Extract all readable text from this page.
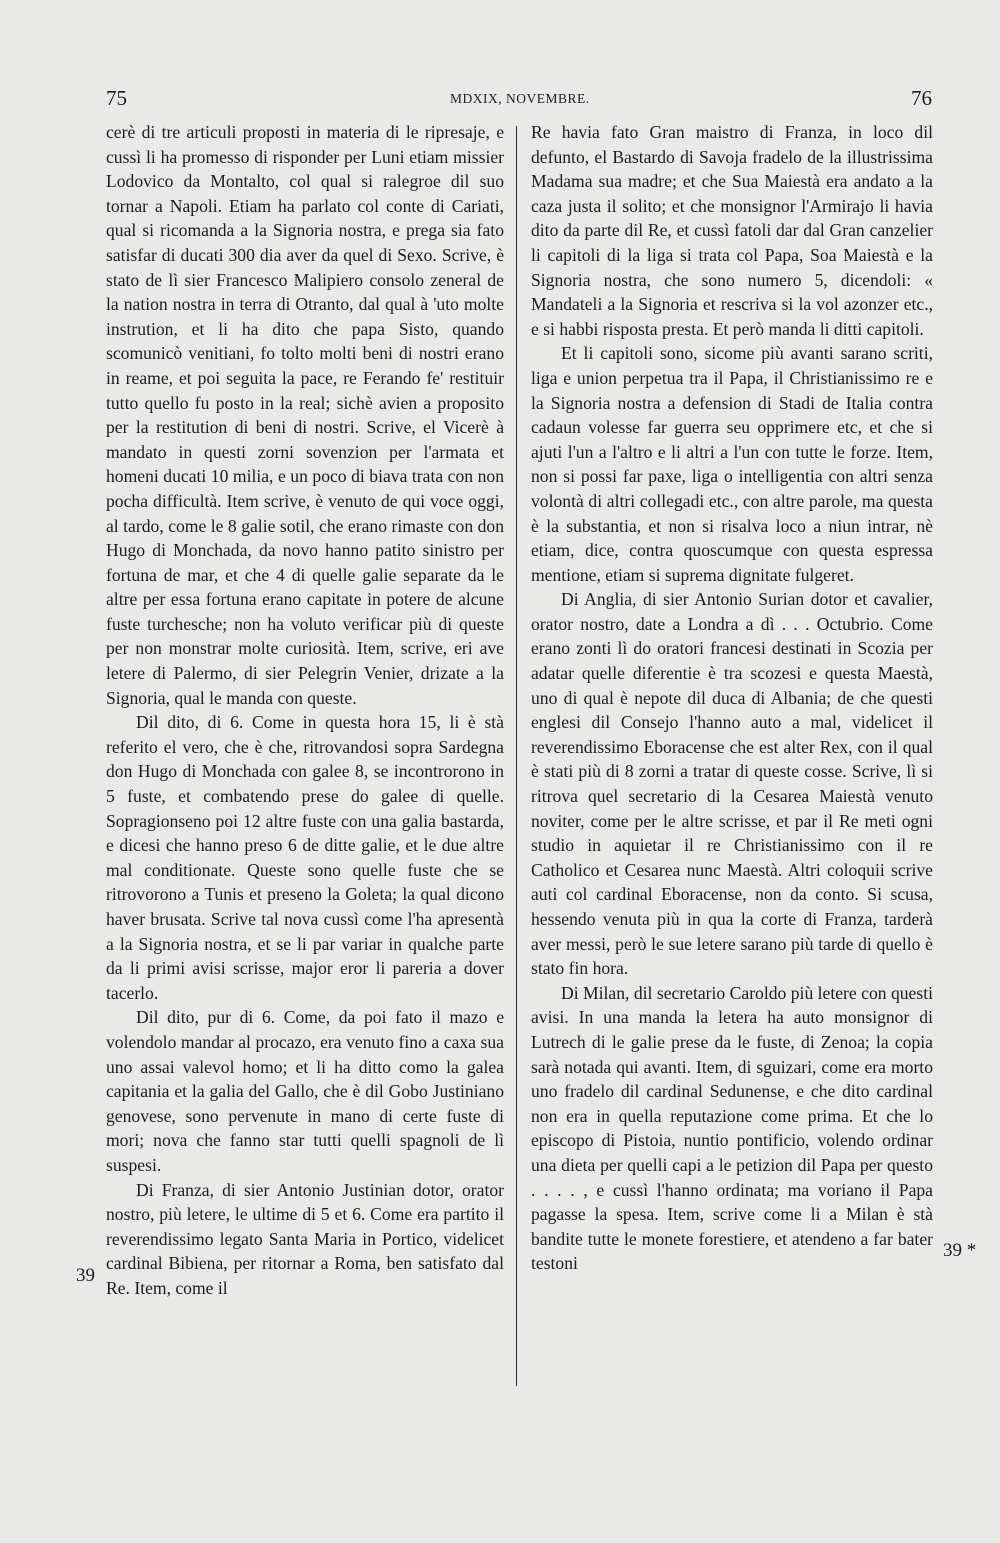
75	MDXIX, NOVEMBRE.	76

cerè di tre articuli proposti in materia di le ripresaje, e cussì li ha promesso di risponder per Luni etiam missier Lodovico da Montalto, col qual si ralegroe dil suo tornar a Napoli. Etiam ha parlato col conte di Cariati, qual si ricomanda a la Signoria nostra, e prega sia fato satisfar di ducati 300 dia aver da quel di Sexo. Scrive, è stato de lì sier Francesco Malipiero consolo zeneral de la nation nostra in terra di Otranto, dal qual à 'uto molte instrution, et li ha dito che papa Sisto, quando scomunicò venitiani, fo tolto molti beni di nostri erano in reame, et poi seguita la pace, re Ferando fe' restituir tutto quello fu posto in la real; sichè avien a proposito per la restitution di beni di nostri. Scrive, el Vicerè à mandato in questi zorni sovenzion per l'armata et homeni ducati 10 milia, e un poco di biava trata con non pocha difficultà. Item scrive, è venuto de qui voce oggi, al tardo, come le 8 galie sotil, che erano rimaste con don Hugo di Monchada, da novo hanno patito sinistro per fortuna de mar, et che 4 di quelle galie separate da le altre per essa fortuna erano capitate in potere de alcune fuste turchesche; non ha voluto verificar più di queste per non monstrar molte curiosità. Item, scrive, eri ave letere di Palermo, di sier Pelegrin Venier, drizate a la Signoria, qual le manda con queste.

Dil dito, di 6. Come in questa hora 15, li è stà referito el vero, che è che, ritrovandosi sopra Sardegna don Hugo di Monchada con galee 8, se incontrorono in 5 fuste, et combatendo prese do galee di quelle. Sopragionseno poi 12 altre fuste con una galia bastarda, e dicesi che hanno preso 6 de ditte galie, et le due altre mal conditionate. Queste sono quelle fuste che se ritrovorono a Tunis et preseno la Goleta; la qual dicono haver brusata. Scrive tal nova cussì come l'ha apresentà a la Signoria nostra, et se li par variar in qualche parte da li primi avisi scrisse, major eror li pareria a dover tacerlo.

Dil dito, pur di 6. Come, da poi fato il mazo e volendolo mandar al procazo, era venuto fino a caxa sua uno assai valevol homo; et li ha ditto como la galea capitania et la galia del Gallo, che è dil Gobo Justiniano genovese, sono pervenute in mano di certe fuste di mori; nova che fanno star tutti quelli spagnoli de lì suspesi.

Di Franza, di sier Antonio Justinian dotor, orator nostro, più letere, le ultime di 5 et 6. Come era partito il reverendissimo legato Santa Maria in Portico, videlicet cardinal Bibiena, per ritornar a Roma, ben satisfato dal Re. Item, come il

Re havia fato Gran maistro di Franza, in loco dil defunto, el Bastardo di Savoja fradelo de la illustrissima Madama sua madre; et che Sua Maiestà era andato a la caza justa il solito; et che monsignor l'Armirajo li havia dito da parte dil Re, et cussì fatoli dar dal Gran canzelier li capitoli di la liga si trata col Papa, Soa Maiestà e la Signoria nostra, che sono numero 5, dicendoli: « Mandateli a la Signoria et rescriva si la vol azonzer etc., e si habbi risposta presta. Et però manda li ditti capitoli.

Et li capitoli sono, sicome più avanti sarano scriti, liga e union perpetua tra il Papa, il Christianissimo re e la Signoria nostra a defension di Stadi de Italia contra cadaun volesse far guerra seu opprimere etc, et che si ajuti l'un a l'altro e li altri a l'un con tutte le forze. Item, non si possi far paxe, liga o intelligentia con altri senza volontà di altri collegadi etc., con altre parole, ma questa è la substantia, et non si risalva loco a niun intrar, nè etiam, dice, contra quoscumque con questa espressa mentione, etiam si suprema dignitate fulgeret.

Di Anglia, di sier Antonio Surian dotor et cavalier, orator nostro, date a Londra a dì . . . Octubrio. Come erano zonti lì do oratori francesi destinati in Scozia per adatar quelle diferentie è tra scozesi e questa Maestà, uno di qual è nepote dil duca di Albania; de che questi englesi dil Consejo l'hanno auto a mal, videlicet il reverendissimo Eboracense che est alter Rex, con il qual è stati più di 8 zorni a tratar di queste cosse. Scrive, lì si ritrova quel secretario di la Cesarea Maiestà venuto noviter, come per le altre scrisse, et par il Re meti ogni studio in aquietar il re Christianissimo con il re Catholico et Cesarea nunc Maestà. Altri coloquii scrive auti col cardinal Eboracense, non da conto. Si scusa, hessendo venuta più in qua la corte di Franza, tarderà aver messi, però le sue letere sarano più tarde di quello è stato fin hora.

Di Milan, dil secretario Caroldo più letere con questi avisi. In una manda la letera ha auto monsignor di Lutrech di le galie prese da le fuste, di Zenoa; la copia sarà notada qui avanti. Item, di sguizari, come era morto uno fradelo dil cardinal Sedunense, e che dito cardinal non era in quella reputazione come prima. Et che lo episcopo di Pistoia, nuntio pontificio, volendo ordinar una dieta per quelli capi a le petizion dil Papa per questo . . . . , e cussì l'hanno ordinata; ma voriano il Papa pagasse la spesa. Item, scrive come li a Milan è stà bandite tutte le monete forestiere, et atendeno a far bater testoni

39
39 *
